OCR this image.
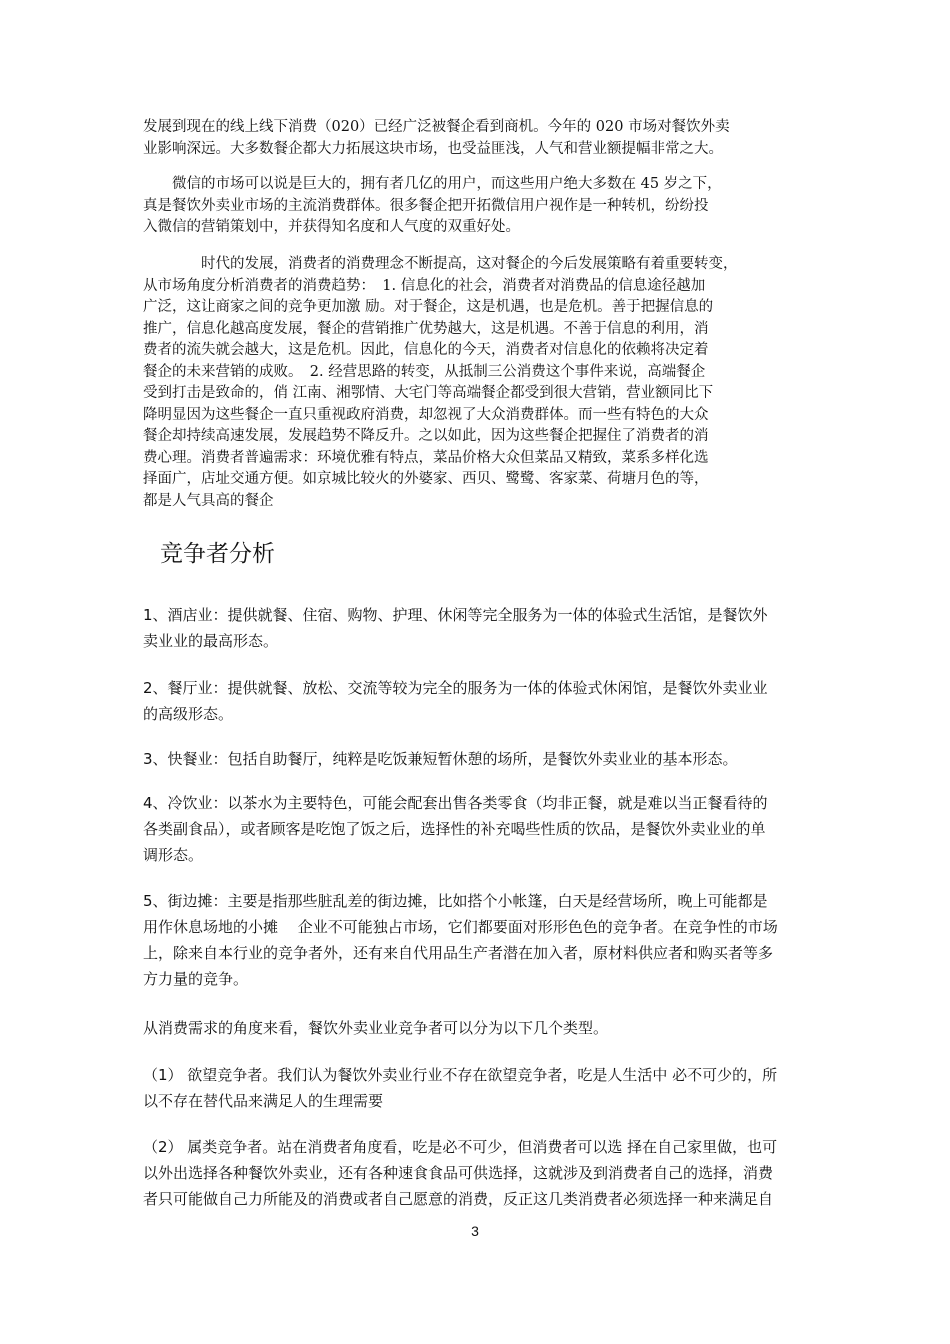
发展到现在的线上线下消费（020）已经广泛被餐企看到商机。今年的 020 市场对餐饮外卖
业影响深远。大多数餐企都大力拓展这块市场，也受益匪浅，人气和营业额提幅非常之大。
　　微信的市场可以说是巨大的，拥有者几亿的用户，而这些用户绝大多数在 45 岁之下，
真是餐饮外卖业市场的主流消费群体。很多餐企把开拓微信用户视作是一种转机，纷纷投
入微信的营销策划中，并获得知名度和人气度的双重好处。
　　　　时代的发展，消费者的消费理念不断提高，这对餐企的今后发展策略有着重要转变，
从市场角度分析消费者的消费趋势：　1. 信息化的社会，消费者对消费品的信息途径越加
广泛，这让商家之间的竞争更加激 励。对于餐企，这是机遇，也是危机。善于把握信息的
推广，信息化越高度发展，餐企的营销推广优势越大，这是机遇。不善于信息的利用，消
费者的流失就会越大，这是危机。因此，信息化的今天，消费者对信息化的依赖将决定着
餐企的未来营销的成败。　2. 经营思路的转变，从抵制三公消费这个事件来说，高端餐企
受到打击是致命的，俏 江南、湘鄂情、大宅门等高端餐企都受到很大营销，营业额同比下
降明显因为这些餐企一直只重视政府消费，却忽视了大众消费群体。而一些有特色的大众
餐企却持续高速发展，发展趋势不降反升。之以如此，因为这些餐企把握住了消费者的消
费心理。消费者普遍需求：环境优雅有特点，菜品价格大众但菜品又精致，菜系多样化选
择面广，店址交通方便。如京城比较火的外婆家、西贝、鹭鹭、客家菜、荷塘月色的等，
都是人气具高的餐企
竞争者分析
1、酒店业：提供就餐、住宿、购物、护理、休闲等完全服务为一体的体验式生活馆，是餐饮外
卖业业的最高形态。
2、餐厅业：提供就餐、放松、交流等较为完全的服务为一体的体验式休闲馆，是餐饮外卖业业
的高级形态。
3、快餐业：包括自助餐厅，纯粹是吃饭兼短暂休憩的场所，是餐饮外卖业业的基本形态。
4、冷饮业：以茶水为主要特色，可能会配套出售各类零食（均非正餐，就是难以当正餐看待的
各类副食品），或者顾客是吃饱了饭之后，选择性的补充喝些性质的饮品，是餐饮外卖业业的单
调形态。
5、街边摊：主要是指那些脏乱差的街边摊，比如搭个小帐篷，白天是经营场所，晚上可能都是
用作休息场地的小摊　 企业不可能独占市场，它们都要面对形形色色的竞争者。在竞争性的市场
上，除来自本行业的竞争者外，还有来自代用品生产者潜在加入者，原材料供应者和购买者等多
方力量的竞争。
从消费需求的角度来看，餐饮外卖业业竞争者可以分为以下几个类型。
（1） 欲望竞争者。我们认为餐饮外卖业行业不存在欲望竞争者，吃是人生活中 必不可少的，所
以不存在替代品来满足人的生理需要
（2） 属类竞争者。站在消费者角度看，吃是必不可少，但消费者可以选 择在自己家里做，也可
以外出选择各种餐饮外卖业，还有各种速食食品可供选择，这就涉及到消费者自己的选择，消费
者只可能做自己力所能及的消费或者自己愿意的消费，反正这几类消费者必须选择一种来满足自
3
